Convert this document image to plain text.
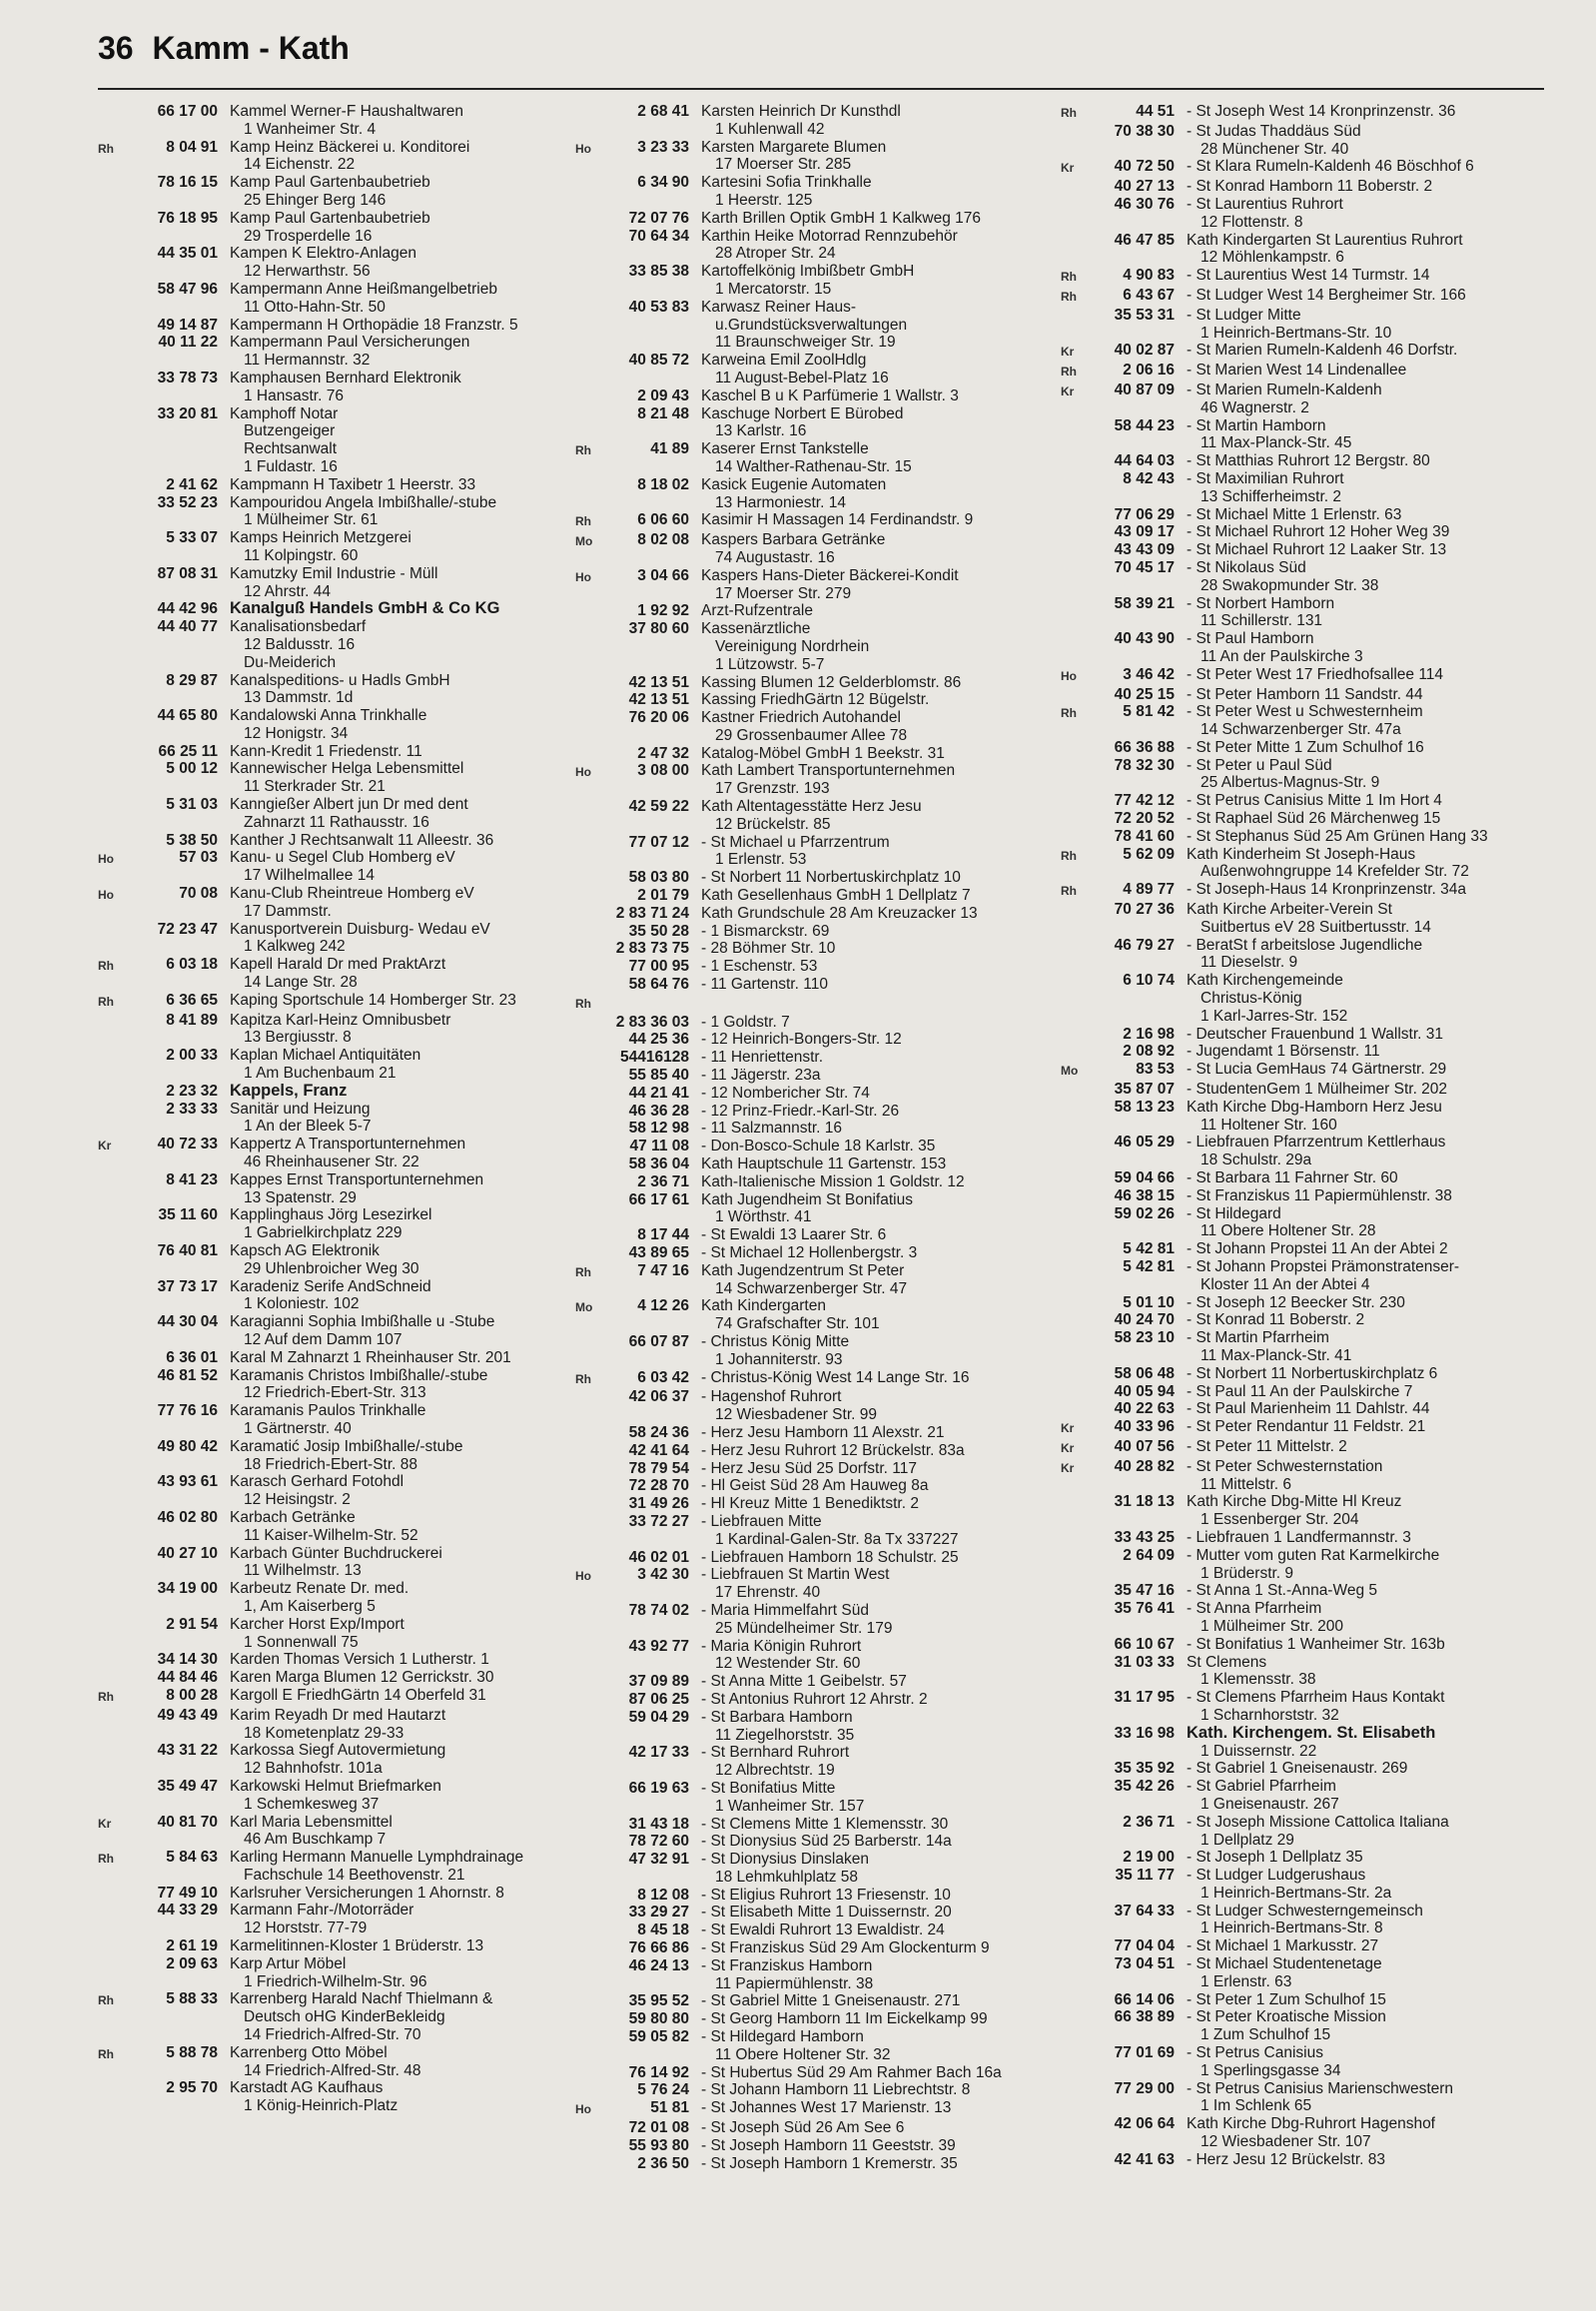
36 Kamm - Kath
66 17 00 Kammel Werner-F Haushaltwaren
1 Wanheimer Str. 4
Rh	8 04 91 Kamp Heinz Bäckerei u. Konditorei
14 Eichenstr. 22
78 16 15 Kamp Paul Gartenbaubetrieb
25 Ehinger Berg 146
76 18 95 Kamp Paul Gartenbaubetrieb
29 Trosperdelle 16
44 35 01 Kampen K Elektro-Anlagen
12 Herwarthstr. 56
58 47 96 Kampermann Anne Heißmangelbetrieb
11 Otto-Hahn-Str. 50
49 14 87 Kampermann H Orthopädie 18 Franzstr. 5
40 11 22 Kampermann Paul Versicherungen
11 Hermannstr. 32
33 78 73 Kamphausen Bernhard Elektronik
1 Hansastr. 76
33 20 81 Kamphoff Notar
Butzengeiger
Rechtsanwalt
1 Fuldastr. 16
2 41 62 Kampmann H Taxibetr 1 Heerstr. 33
33 52 23 Kampouridou Angela Imbißhalle/-stube
1 Mülheimer Str. 61
5 33 07 Kamps Heinrich Metzgerei
11 Kolpingstr. 60
87 08 31 Kamutzky Emil Industrie - Müll
12 Ahrstr. 44
44 42 96 Kanalguß Handels GmbH & Co KG
44 40 77 Kanalisationsbedarf
12 Baldusstr. 16
Du-Meiderich
8 29 87 Kanalspeditions- u Hadls GmbH
13 Dammstr. 1d
44 65 80 Kandalowski Anna Trinkhalle
12 Honigstr. 34
66 25 11 Kann-Kredit 1 Friedenstr. 11
5 00 12 Kannewischer Helga Lebensmittel
11 Sterkrader Str. 21
5 31 03 Kanngießer Albert jun Dr med dent
Zahnarzt 11 Rathausstr. 16
5 38 50 Kanther J Rechtsanwalt 11 Alleestr. 36
Ho	57 03 Kanu- u Segel Club Homberg eV
17 Wilhelmallee 14
Ho	70 08 Kanu-Club Rheintreue Homberg eV
17 Dammstr.
72 23 47 Kanusportverein Duisburg- Wedau eV
1 Kalkweg 242
Rh	6 03 18 Kapell Harald Dr med PraktArzt
14 Lange Str. 28
Rh	6 36 65 Kaping Sportschule 14 Homberger Str. 23
8 41 89 Kapitza Karl-Heinz Omnibusbetr
13 Bergiusstr. 8
2 00 33 Kaplan Michael Antiquitäten
1 Am Buchenbaum 21
2 23 32 Kappels, Franz
2 33 33 Sanitär und Heizung
1 An der Bleek 5-7
Kr	40 72 33 Kappertz A Transportunternehmen
46 Rheinhausener Str. 22
8 41 23 Kappes Ernst Transportunternehmen
13 Spatenstr. 29
35 11 60 Kapplinghaus Jörg Lesezirkel
1 Gabrielkirchplatz 229
76 40 81 Kapsch AG Elektronik
29 Uhlenbroicher Weg 30
37 73 17 Karadeniz Serife AndSchneid
1 Koloniestr. 102
44 30 04 Karagianni Sophia Imbißhalle u -Stube
12 Auf dem Damm 107
6 36 01 Karal M Zahnarzt 1 Rheinhauser Str. 201
46 81 52 Karamanis Christos Imbißhalle/-stube
12 Friedrich-Ebert-Str. 313
77 76 16 Karamanis Paulos Trinkhalle
1 Gärtnerstr. 40
49 80 42 Karamatić Josip Imbißhalle/-stube
18 Friedrich-Ebert-Str. 88
43 93 61 Karasch Gerhard Fotohdl
12 Heisingstr. 2
46 02 80 Karbach Getränke
11 Kaiser-Wilhelm-Str. 52
40 27 10 Karbach Günter Buchdruckerei
11 Wilhelmstr. 13
34 19 00 Karbeutz Renate Dr. med.
1, Am Kaiserberg 5
2 91 54 Karcher Horst Exp/Import
1 Sonnenwall 75
34 14 30 Karden Thomas Versich 1 Lutherstr. 1
44 84 46 Karen Marga Blumen 12 Gerrickstr. 30
Rh	8 00 28 Kargoll E FriedhGärtn 14 Oberfeld 31
49 43 49 Karim Reyadh Dr med Hautarzt
18 Kometenplatz 29-33
43 31 22 Karkossa Siegf Autovermietung
12 Bahnhofstr. 101a
35 49 47 Karkowski Helmut Briefmarken
1 Schemkesweg 37
Kr	40 81 70 Karl Maria Lebensmittel
46 Am Buschkamp 7
Rh	5 84 63 Karling Hermann Manuelle Lymphdrainage
Fachschule 14 Beethovenstr. 21
77 49 10 Karlsruher Versicherungen 1 Ahornstr. 8
44 33 29 Karmann Fahr-/Motorräder
12 Horststr. 77-79
2 61 19 Karmelitinnen-Kloster 1 Brüderstr. 13
2 09 63 Karp Artur Möbel
1 Friedrich-Wilhelm-Str. 96
Rh	5 88 33 Karrenberg Harald Nachf Thielmann &
Deutsch oHG KinderBekleidg
14 Friedrich-Alfred-Str. 70
Rh	5 88 78 Karrenberg Otto Möbel
14 Friedrich-Alfred-Str. 48
2 95 70 Karstadt AG Kaufhaus
1 König-Heinrich-Platz
2 68 41 Karsten Heinrich Dr Kunsthdl
1 Kuhlenwall 42
Ho	3 23 33 Karsten Margarete Blumen
17 Moerser Str. 285
6 34 90 Kartesini Sofia Trinkhalle
1 Heerstr. 125
72 07 76 Karth Brillen Optik GmbH 1 Kalkweg 176
70 64 34 Karthin Heike Motorrad Rennzubehör
28 Atroper Str. 24
33 85 38 Kartoffelkönig Imbißbetr GmbH
1 Mercatorstr. 15
40 53 83 Karwasz Reiner Haus-
u.Grundstücksverwaltungen
11 Braunschweiger Str. 19
40 85 72 Karweina Emil ZoolHdlg
11 August-Bebel-Platz 16
2 09 43 Kaschel B u K Parfümerie 1 Wallstr. 3
8 21 48 Kaschuge Norbert E Bürobed
13 Karlstr. 16
Rh	41 89 Kaserer Ernst Tankstelle
14 Walther-Rathenau-Str. 15
8 18 02 Kasick Eugenie Automaten
13 Harmoniestr. 14
Rh	6 06 60 Kasimir H Massagen 14 Ferdinandstr. 9
Mo	8 02 08 Kaspers Barbara Getränke
74 Augustastr. 16
Ho	3 04 66 Kaspers Hans-Dieter Bäckerei-Kondit
17 Moerser Str. 279
1 92 92 Arzt-Rufzentrale
37 80 60 Kassenärztliche
Vereinigung Nordrhein
1 Lützowstr. 5-7
42 13 51 Kassing Blumen 12 Gelderblomstr. 86
42 13 51 Kassing FriedhGärtn 12 Bügelstr.
76 20 06 Kastner Friedrich Autohandel
29 Grossenbaumer Allee 78
2 47 32 Katalog-Möbel GmbH 1 Beekstr. 31
Ho	3 08 00 Kath Lambert Transportunternehmen
17 Grenzstr. 193
42 59 22 Kath Altentagesstätte Herz Jesu
12 Brückelstr. 85
77 07 12 - St Michael u Pfarrzentrum
1 Erlenstr. 53
58 03 80 - St Norbert 11 Norbertuskirchplatz 10
2 01 79 Kath Gesellenhaus GmbH 1 Dellplatz 7
2 83 71 24 Kath Grundschule 28 Am Kreuzacker 13
35 50 28 - 1 Bismarckstr. 69
2 83 73 75 - 28 Böhmer Str. 10
77 00 95 - 1 Eschenstr. 53
58 64 76 - 11 Gartenstr. 110
Rh
2 83 36 03 - 1 Goldstr. 7
44 25 36 - 12 Heinrich-Bongers-Str. 12
54416128 - 11 Henriettenstr.
55 85 40 - 11 Jägerstr. 23a
44 21 41 - 12 Nombericher Str. 74
46 36 28 - 12 Prinz-Friedr.-Karl-Str. 26
58 12 98 - 11 Salzmannstr. 16
47 11 08 - Don-Bosco-Schule 18 Karlstr. 35
58 36 04 Kath Hauptschule 11 Gartenstr. 153
2 36 71 Kath-Italienische Mission 1 Goldstr. 12
66 17 61 Kath Jugendheim St Bonifatius
1 Wörthstr. 41
8 17 44 - St Ewaldi 13 Laarer Str. 6
43 89 65 - St Michael 12 Hollenbergstr. 3
Rh	7 47 16 Kath Jugendzentrum St Peter
14 Schwarzenberger Str. 47
Mo	4 12 26 Kath Kindergarten
74 Grafschafter Str. 101
66 07 87 - Christus König Mitte
1 Johanniterstr. 93
Rh	6 03 42 - Christus-König West 14 Lange Str. 16
42 06 37 - Hagenshof Ruhrort
12 Wiesbadener Str. 99
58 24 36 - Herz Jesu Hamborn 11 Alexstr. 21
42 41 64 - Herz Jesu Ruhrort 12 Brückelstr. 83a
78 79 54 - Herz Jesu Süd 25 Dorfstr. 117
72 28 70 - Hl Geist Süd 28 Am Hauweg 8a
31 49 26 - Hl Kreuz Mitte 1 Benediktstr. 2
33 72 27 - Liebfrauen Mitte
1 Kardinal-Galen-Str. 8a Tx 337227
46 02 01 - Liebfrauen Hamborn 18 Schulstr. 25
Ho	3 42 30 - Liebfrauen St Martin West
17 Ehrenstr. 40
78 74 02 - Maria Himmelfahrt Süd
25 Mündelheimer Str. 179
43 92 77 - Maria Königin Ruhrort
12 Westender Str. 60
37 09 89 - St Anna Mitte 1 Geibelstr. 57
87 06 25 - St Antonius Ruhrort 12 Ahrstr. 2
59 04 29 - St Barbara Hamborn
11 Ziegelhorststr. 35
42 17 33 - St Bernhard Ruhrort
12 Albrechtstr. 19
66 19 63 - St Bonifatius Mitte
1 Wanheimer Str. 157
31 43 18 - St Clemens Mitte 1 Klemensstr. 30
78 72 60 - St Dionysius Süd 25 Barberstr. 14a
47 32 91 - St Dionysius Dinslaken
18 Lehmkuhlplatz 58
8 12 08 - St Eligius Ruhrort 13 Friesenstr. 10
33 29 27 - St Elisabeth Mitte 1 Duissernstr. 20
8 45 18 - St Ewaldi Ruhrort 13 Ewaldistr. 24
76 66 86 - St Franziskus Süd 29 Am Glockenturm 9
46 24 13 - St Franziskus Hamborn
11 Papiermühlenstr. 38
35 95 52 - St Gabriel Mitte 1 Gneisenaustr. 271
59 80 80 - St Georg Hamborn 11 Im Eickelkamp 99
59 05 82 - St Hildegard Hamborn
11 Obere Holtener Str. 32
76 14 92 - St Hubertus Süd 29 Am Rahmer Bach 16a
5 76 24 - St Johann Hamborn 11 Liebrechtstr. 8
Ho	51 81 - St Johannes West 17 Marienstr. 13
72 01 08 - St Joseph Süd 26 Am See 6
55 93 80 - St Joseph Hamborn 11 Geeststr. 39
2 36 50 - St Joseph Hamborn 1 Kremerstr. 35
Rh	44 51 - St Joseph West 14 Kronprinzenstr. 36
70 38 30 - St Judas Thaddäus Süd
28 Münchener Str. 40
Kr	40 72 50 - St Klara Rumeln-Kaldenh 46 Böschhof 6
40 27 13 - St Konrad Hamborn 11 Boberstr. 2
46 30 76 - St Laurentius Ruhrort
12 Flottenstr. 8
46 47 85 Kath Kindergarten St Laurentius Ruhrort
12 Möhlenkampstr. 6
Rh	4 90 83 - St Laurentius West 14 Turmstr. 14
Rh	6 43 67 - St Ludger West 14 Bergheimer Str. 166
35 53 31 - St Ludger Mitte
1 Heinrich-Bertmans-Str. 10
Kr	40 02 87 - St Marien Rumeln-Kaldenh 46 Dorfstr.
Rh	2 06 16 - St Marien West 14 Lindenallee
Kr	40 87 09 - St Marien Rumeln-Kaldenh
46 Wagnerstr. 2
58 44 23 - St Martin Hamborn
11 Max-Planck-Str. 45
44 64 03 - St Matthias Ruhrort 12 Bergstr. 80
8 42 43 - St Maximilian Ruhrort
13 Schifferheimstr. 2
77 06 29 - St Michael Mitte 1 Erlenstr. 63
43 09 17 - St Michael Ruhrort 12 Hoher Weg 39
43 43 09 - St Michael Ruhrort 12 Laaker Str. 13
70 45 17 - St Nikolaus Süd
28 Swakopmunder Str. 38
58 39 21 - St Norbert Hamborn
11 Schillerstr. 131
40 43 90 - St Paul Hamborn
11 An der Paulskirche 3
Ho	3 46 42 - St Peter West 17 Friedhofsallee 114
40 25 15 - St Peter Hamborn 11 Sandstr. 44
Rh	5 81 42 - St Peter West u Schwesternheim
14 Schwarzenberger Str. 47a
66 36 88 - St Peter Mitte 1 Zum Schulhof 16
78 32 30 - St Peter u Paul Süd
25 Albertus-Magnus-Str. 9
77 42 12 - St Petrus Canisius Mitte 1 Im Hort 4
72 20 52 - St Raphael Süd 26 Märchenweg 15
78 41 60 - St Stephanus Süd 25 Am Grünen Hang 33
Rh	5 62 09 Kath Kinderheim St Joseph-Haus
Außenwohngruppe 14 Krefelder Str. 72
Rh	4 89 77 - St Joseph-Haus 14 Kronprinzenstr. 34a
70 27 36 Kath Kirche Arbeiter-Verein St
Suitbertus eV 28 Suitbertusstr. 14
46 79 27 - BeratSt f arbeitslose Jugendliche
11 Dieselstr. 9
6 10 74 Kath Kirchengemeinde
Christus-König
1 Karl-Jarres-Str. 152
2 16 98 - Deutscher Frauenbund 1 Wallstr. 31
2 08 92 - Jugendamt 1 Börsenstr. 11
Mo	83 53 - St Lucia GemHaus 74 Gärtnerstr. 29
35 87 07 - StudentenGem 1 Mülheimer Str. 202
58 13 23 Kath Kirche Dbg-Hamborn Herz Jesu
11 Holtener Str. 160
46 05 29 - Liebfrauen Pfarrzentrum Kettlerhaus
18 Schulstr. 29a
59 04 66 - St Barbara 11 Fahrner Str. 60
46 38 15 - St Franziskus 11 Papiermühlenstr. 38
59 02 26 - St Hildegard
11 Obere Holtener Str. 28
5 42 81 - St Johann Propstei 11 An der Abtei 2
5 42 81 - St Johann Propstei Prämonstratenser-
Kloster 11 An der Abtei 4
5 01 10 - St Joseph 12 Beecker Str. 230
40 24 70 - St Konrad 11 Boberstr. 2
58 23 10 - St Martin Pfarrheim
11 Max-Planck-Str. 41
58 06 48 - St Norbert 11 Norbertuskirchplatz 6
40 05 94 - St Paul 11 An der Paulskirche 7
40 22 63 - St Paul Marienheim 11 Dahlstr. 44
Kr	40 33 96 - St Peter Rendantur 11 Feldstr. 21
Kr	40 07 56 - St Peter 11 Mittelstr. 2
Kr	40 28 82 - St Peter Schwesternstation
11 Mittelstr. 6
31 18 13 Kath Kirche Dbg-Mitte Hl Kreuz
1 Essenberger Str. 204
33 43 25 - Liebfrauen 1 Landfermannstr. 3
2 64 09 - Mutter vom guten Rat Karmelkirche
1 Brüderstr. 9
35 47 16 - St Anna 1 St.-Anna-Weg 5
35 76 41 - St Anna Pfarrheim
1 Mülheimer Str. 200
66 10 67 - St Bonifatius 1 Wanheimer Str. 163b
31 03 33 St Clemens
1 Klemensstr. 38
31 17 95 - St Clemens Pfarrheim Haus Kontakt
1 Scharnhorststr. 32
33 16 98 Kath. Kirchengem. St. Elisabeth
1 Duissernstr. 22
35 35 92 - St Gabriel 1 Gneisenaustr. 269
35 42 26 - St Gabriel Pfarrheim
1 Gneisenaustr. 267
2 36 71 - St Joseph Missione Cattolica Italiana
1 Dellplatz 29
2 19 00 - St Joseph 1 Dellplatz 35
35 11 77 - St Ludger Ludgerushaus
1 Heinrich-Bertmans-Str. 2a
37 64 33 - St Ludger Schwesterngemeinsch
1 Heinrich-Bertmans-Str. 8
77 04 04 - St Michael 1 Markusstr. 27
73 04 51 - St Michael Studentenetage
1 Erlenstr. 63
66 14 06 - St Peter 1 Zum Schulhof 15
66 38 89 - St Peter Kroatische Mission
1 Zum Schulhof 15
77 01 69 - St Petrus Canisius
1 Sperlingsgasse 34
77 29 00 - St Petrus Canisius Marienschwestern
1 Im Schlenk 65
42 06 64 Kath Kirche Dbg-Ruhrort Hagenshof
12 Wiesbadener Str. 107
42 41 63 - Herz Jesu 12 Brückelstr. 83
